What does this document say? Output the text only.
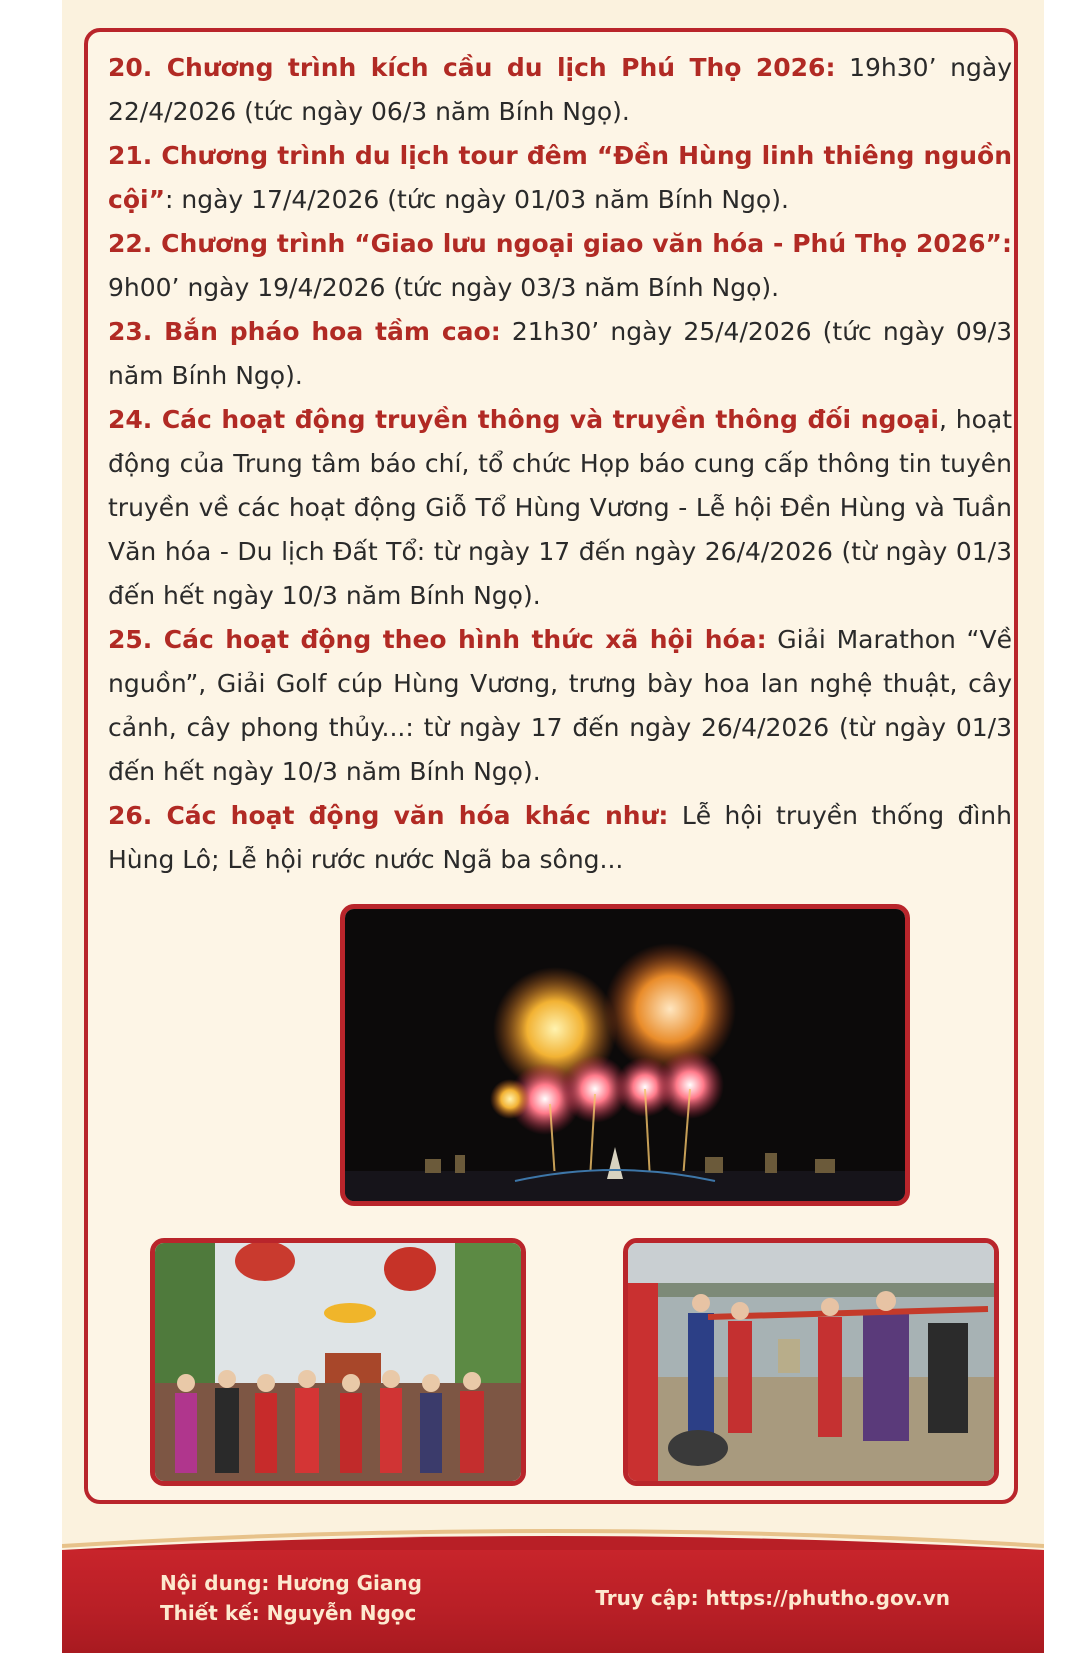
20. Chương trình kích cầu du lịch Phú Thọ 2026: 19h30’ ngày 22/4/2026 (tức ngày 06/3 năm Bính Ngọ).

21. Chương trình du lịch tour đêm “Đền Hùng linh thiêng nguồn cội”: ngày 17/4/2026 (tức ngày 01/03 năm Bính Ngọ).

22. Chương trình “Giao lưu ngoại giao văn hóa - Phú Thọ 2026”: 9h00’ ngày 19/4/2026 (tức ngày 03/3 năm Bính Ngọ).

23. Bắn pháo hoa tầm cao: 21h30’ ngày 25/4/2026 (tức ngày 09/3 năm Bính Ngọ).

24. Các hoạt động truyền thông và truyền thông đối ngoại, hoạt động của Trung tâm báo chí, tổ chức Họp báo cung cấp thông tin tuyên truyền về các hoạt động Giỗ Tổ Hùng Vương - Lễ hội Đền Hùng và Tuần Văn hóa - Du lịch Đất Tổ: từ ngày 17 đến ngày 26/4/2026 (từ ngày 01/3 đến hết ngày 10/3 năm Bính Ngọ).

25. Các hoạt động theo hình thức xã hội hóa: Giải Marathon “Về nguồn”, Giải Golf cúp Hùng Vương, trưng bày hoa lan nghệ thuật, cây cảnh, cây phong thủy...: từ ngày 17 đến ngày 26/4/2026 (từ ngày 01/3 đến hết ngày 10/3 năm Bính Ngọ).

26. Các hoạt động văn hóa khác như: Lễ hội truyền thống đình Hùng Lô; Lễ hội rước nước Ngã ba sông...

Nội dung: Hương Giang
Thiết kế: Nguyễn Ngọc
Truy cập: https://phutho.gov.vn
